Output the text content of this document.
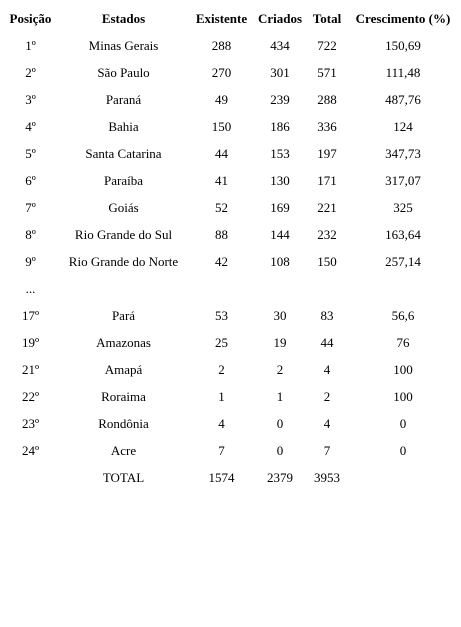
Posição	Estados	Existente	Criados	Total	Crescimento (%)
1º	Minas Gerais	288	434	722	150,69
2º	São Paulo	270	301	571	111,48
3º	Paraná	49	239	288	487,76
4º	Bahia	150	186	336	124
5º	Santa Catarina	44	153	197	347,73
6º	Paraíba	41	130	171	317,07
7º	Goiás	52	169	221	325
8º	Rio Grande do Sul	88	144	232	163,64
9º	Rio Grande do Norte	42	108	150	257,14
...					
17º	Pará	53	30	83	56,6
19º	Amazonas	25	19	44	76
21º	Amapá	2	2	4	100
22º	Roraima	1	1	2	100
23º	Rondônia	4	0	4	0
24º	Acre	7	0	7	0
	TOTAL	1574	2379	3953	
